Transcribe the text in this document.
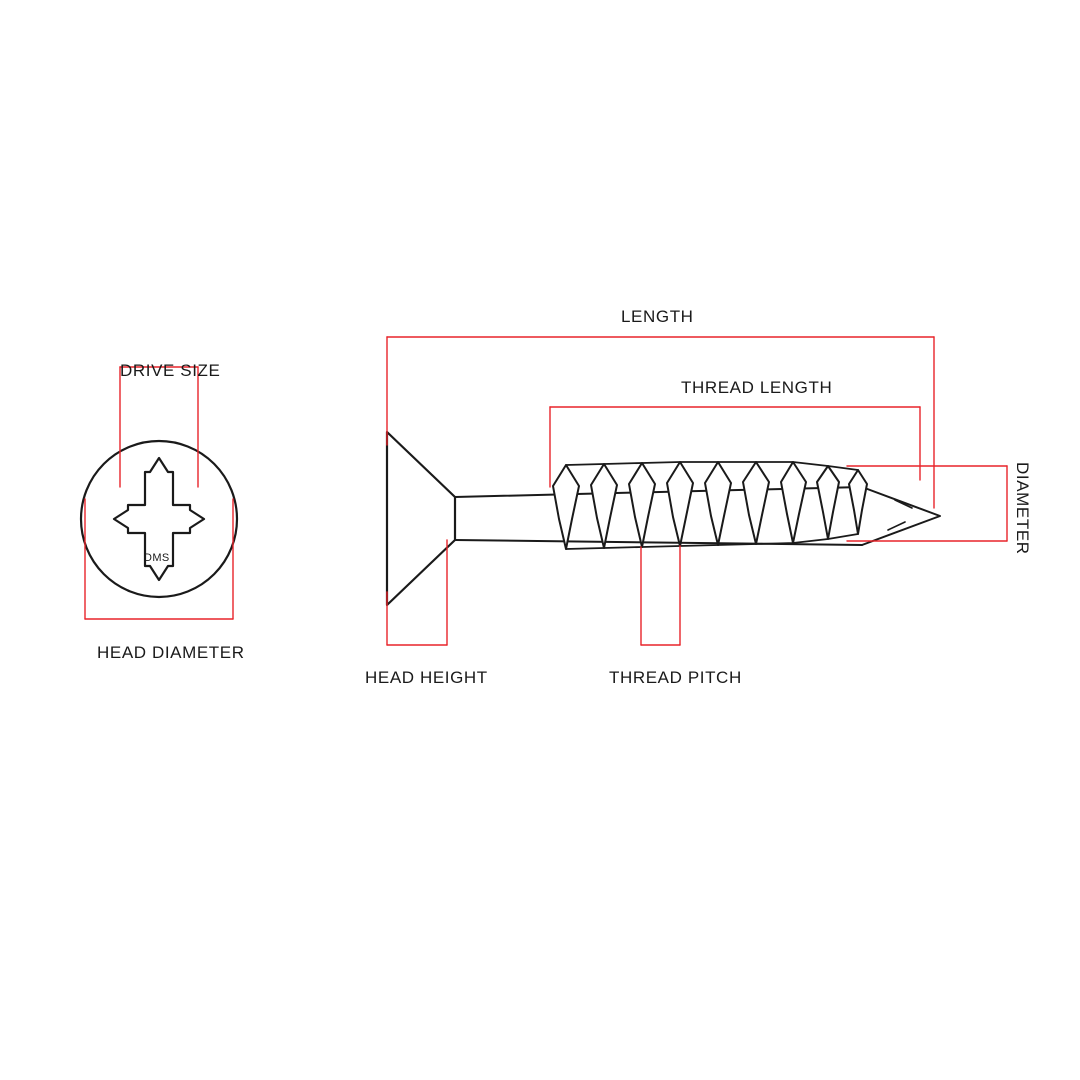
DRIVE SIZE
DMS
HEAD DIAMETER
LENGTH
THREAD LENGTH
DIAMETER
HEAD HEIGHT	THREAD PITCH
